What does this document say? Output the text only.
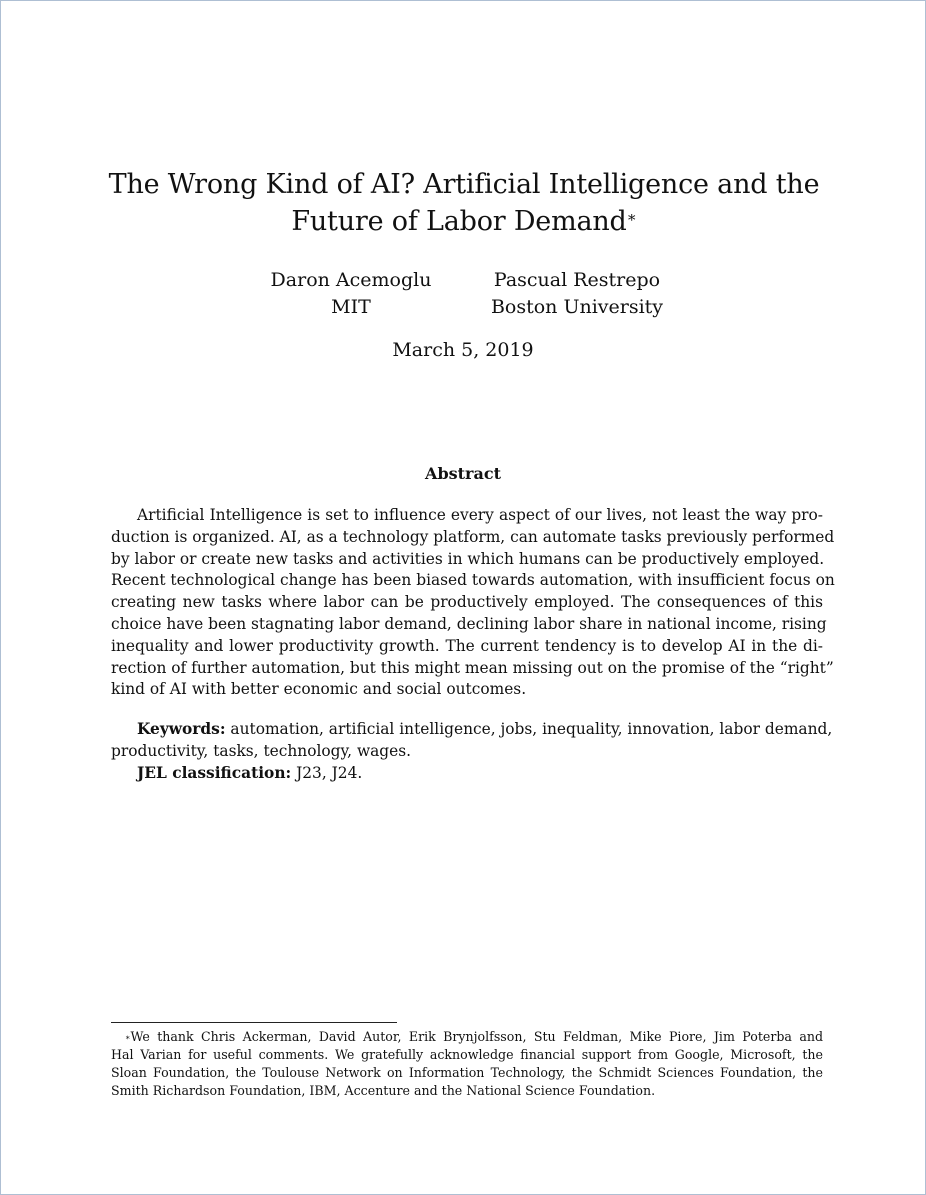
The Wrong Kind of AI? Artificial Intelligence and the
Future of Labor Demand∗
Daron Acemoglu
MIT
Pascual Restrepo
Boston University
March 5, 2019
Abstract
Artificial Intelligence is set to influence every aspect of our lives, not least the way pro-
duction is organized. AI, as a technology platform, can automate tasks previously performed
by labor or create new tasks and activities in which humans can be productively employed.
Recent technological change has been biased towards automation, with insufficient focus on
creating new tasks where labor can be productively employed. The consequences of this
choice have been stagnating labor demand, declining labor share in national income, rising
inequality and lower productivity growth. The current tendency is to develop AI in the di-
rection of further automation, but this might mean missing out on the promise of the “right”
kind of AI with better economic and social outcomes.
Keywords: automation, artificial intelligence, jobs, inequality, innovation, labor demand,
productivity, tasks, technology, wages.
JEL classification: J23, J24.
∗We thank Chris Ackerman, David Autor, Erik Brynjolfsson, Stu Feldman, Mike Piore, Jim Poterba and
Hal Varian for useful comments. We gratefully acknowledge financial support from Google, Microsoft, the
Sloan Foundation, the Toulouse Network on Information Technology, the Schmidt Sciences Foundation, the
Smith Richardson Foundation, IBM, Accenture and the National Science Foundation.
